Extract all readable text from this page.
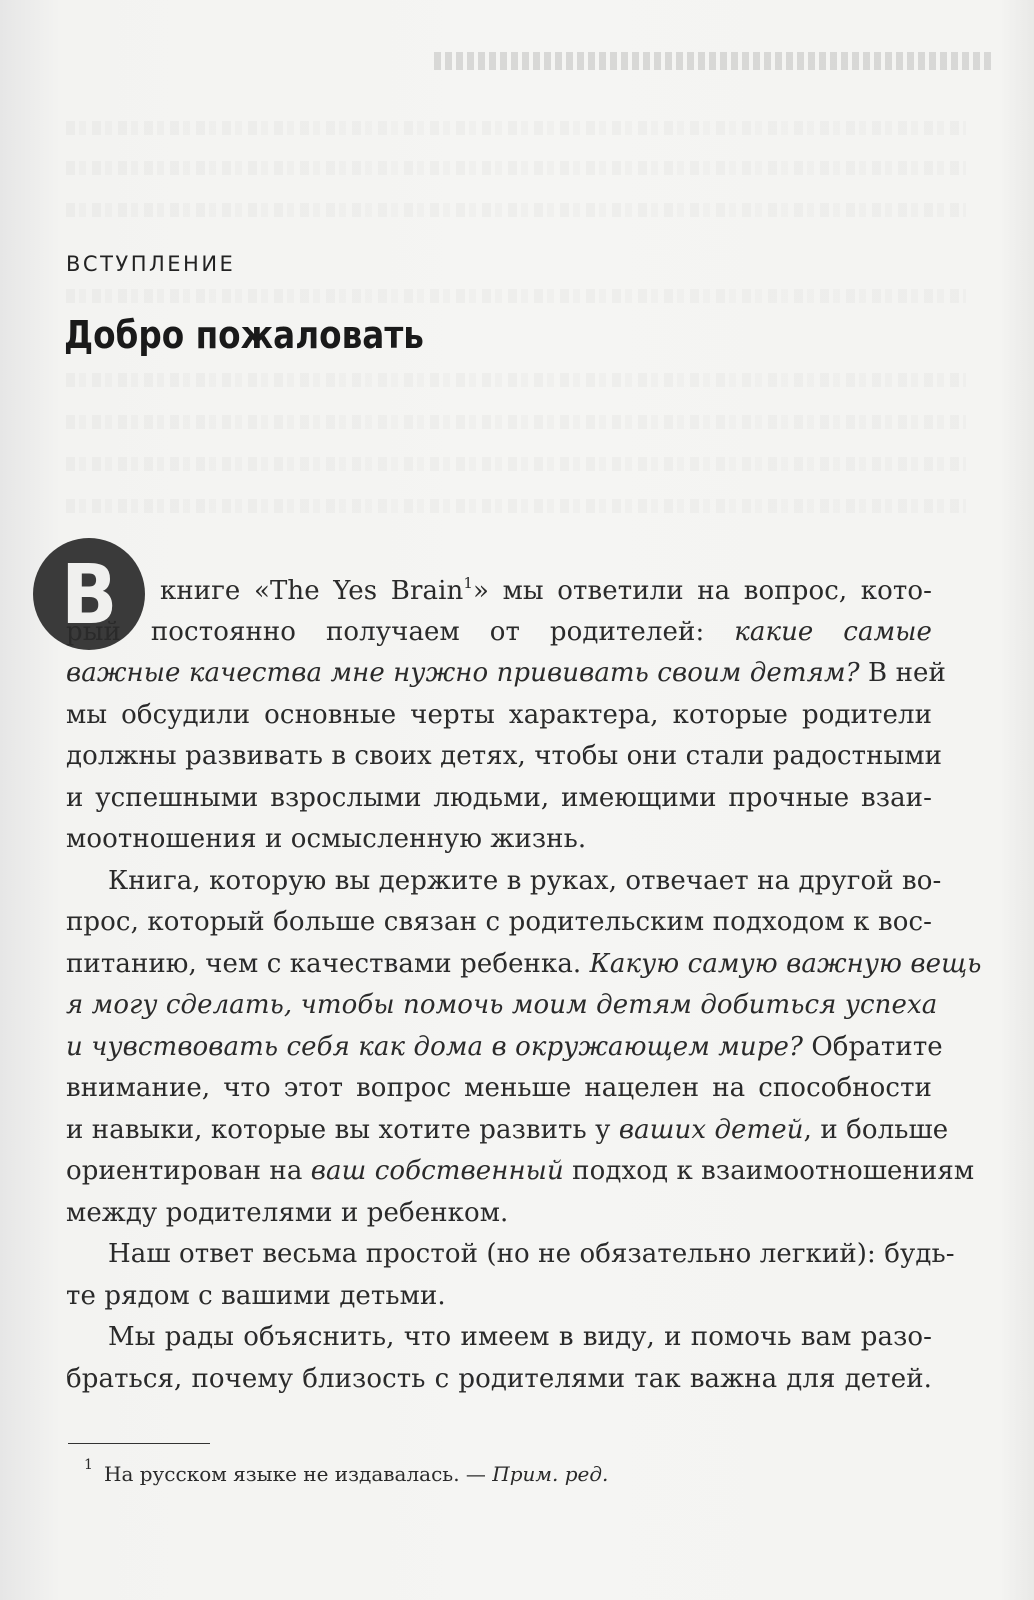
ВСТУПЛЕНИЕ
Добро пожаловать
В книге «The Yes Brain$^1$» мы ответили на вопрос, кото-
рый постоянно получаем от родителей: какие самые
важные качества мне нужно прививать своим детям? В ней
мы обсудили основные черты характера, которые родители
должны развивать в своих детях, чтобы они стали радостными
и успешными взрослыми людьми, имеющими прочные взаи-
моотношения и осмысленную жизнь.
Книга, которую вы держите в руках, отвечает на другой во-
прос, который больше связан с родительским подходом к вос-
питанию, чем с качествами ребенка. Какую самую важную вещь
я могу сделать, чтобы помочь моим детям добиться успеха
и чувствовать себя как дома в окружающем мире? Обратите
внимание, что этот вопрос меньше нацелен на способности
и навыки, которые вы хотите развить у ваших детей, и больше
ориентирован на ваш собственный подход к взаимоотношениям
между родителями и ребенком.
Наш ответ весьма простой (но не обязательно легкий): будь-
те рядом с вашими детьми.
Мы рады объяснить, что имеем в виду, и помочь вам разо-
браться, почему близость с родителями так важна для детей.
1 На русском языке не издавалась. — Прим. ред.
